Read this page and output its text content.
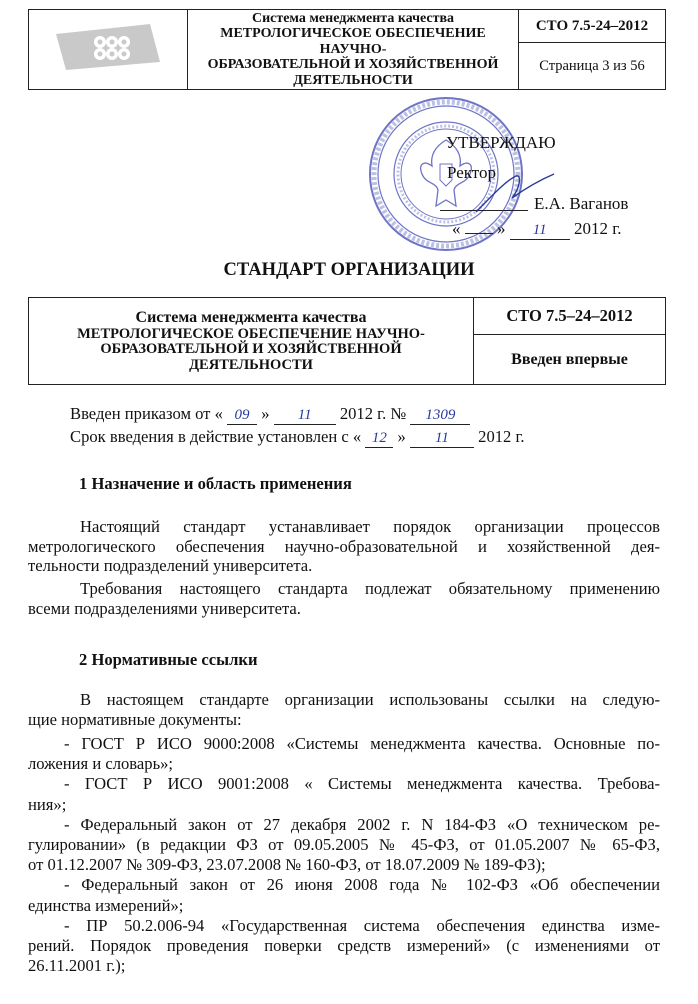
Система менеджмента качества
МЕТРОЛОГИЧЕСКОЕ ОБЕСПЕЧЕНИЕ НАУЧНО-
ОБРАЗОВАТЕЛЬНОЙ И ХОЗЯЙСТВЕННОЙ
ДЕЯТЕЛЬНОСТИ
	СТО 7.5-24–2012
Страница 3 из 56
УТВЕРЖДАЮ
Ректор
Е.А. Ваганов
« » 11 2012 г.
СТАНДАРТ ОРГАНИЗАЦИИ
Система менеджмента качества
МЕТРОЛОГИЧЕСКОЕ ОБЕСПЕЧЕНИЕ НАУЧНО-
ОБРАЗОВАТЕЛЬНОЙ И ХОЗЯЙСТВЕННОЙ
ДЕЯТЕЛЬНОСТИ
	СТО 7.5–24–2012
Введен впервые
Введен приказом от « 09 » 11 2012 г. № 1309
Срок введения в действие установлен с « 12 » 11 2012 г.
1 Назначение и область применения
Настоящий стандарт устанавливает порядок организации процессов
метрологического обеспечения научно-образовательной и хозяйственной дея-
тельности подразделений университета.
Требования настоящего стандарта подлежат обязательному применению
всеми подразделениями университета.
2 Нормативные ссылки
В настоящем стандарте организации использованы ссылки на следую-
щие нормативные документы:
- ГОСТ Р ИСО 9000:2008 «Системы менеджмента качества. Основные по-
ложения и словарь»;
- ГОСТ Р ИСО 9001:2008 « Системы менеджмента качества. Требова-
ния»;
- Федеральный закон от 27 декабря 2002 г. N 184-ФЗ «О техническом ре-
гулировании» (в редакции ФЗ от 09.05.2005 № 45-ФЗ, от 01.05.2007 № 65-ФЗ,
от 01.12.2007 № 309-ФЗ, 23.07.2008 № 160-ФЗ, от 18.07.2009 № 189-ФЗ);
- Федеральный закон от 26 июня 2008 года № 102-ФЗ «Об обеспечении
единства измерений»;
- ПР 50.2.006-94 «Государственная система обеспечения единства изме-
рений. Порядок проведения поверки средств измерений» (с изменениями от
26.11.2001 г.);
